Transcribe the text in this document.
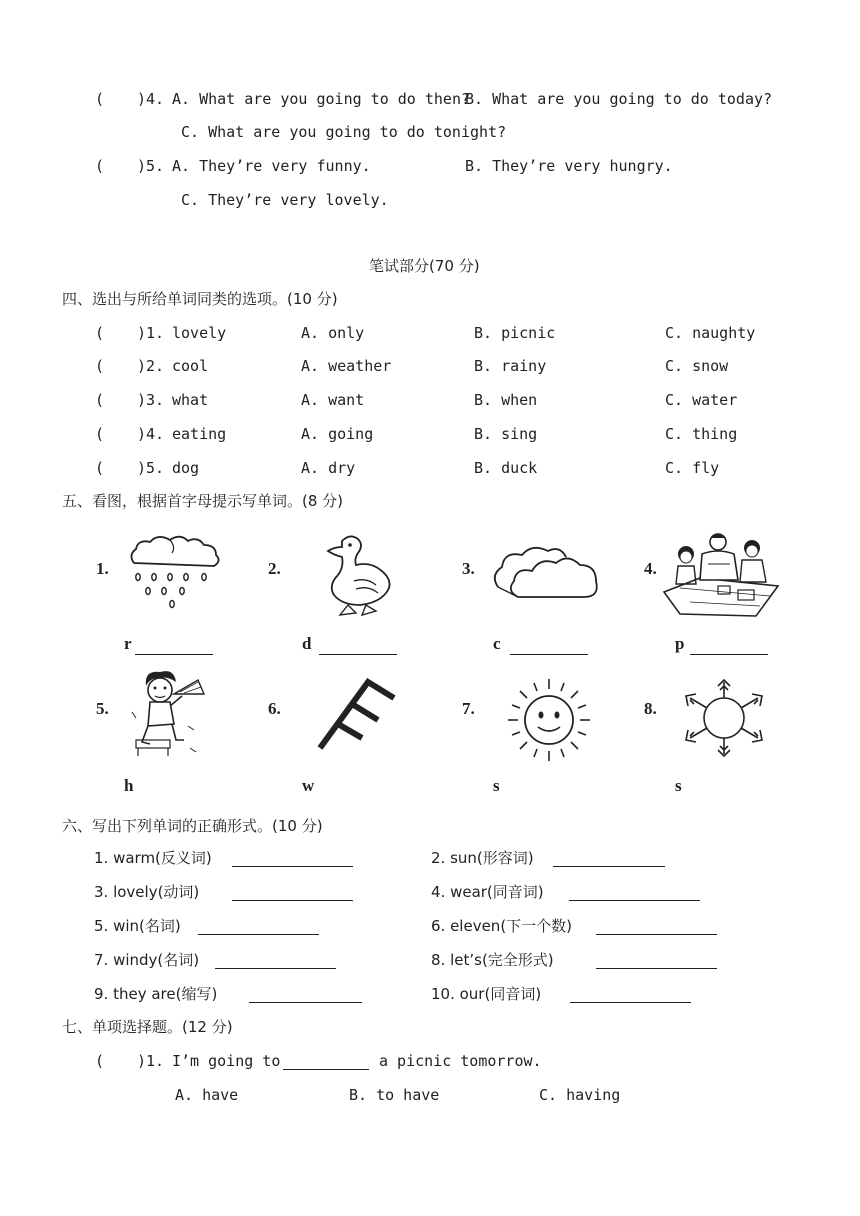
( )4. A. What are you going to do then?
B. What are you going to do today?
C. What are you going to do tonight?
( )5. A. They’re very funny.	B. They’re very hungry.
C. They’re very lovely.
笔试部分(70 分)
四、选出与所给单词同类的选项。(10 分)
( )1. lovely	A. only	B. picnic	C. naughty
( )2. cool	A. weather	B. rainy	C. snow
( )3. what	A. want	B. when	C. water
( )4. eating	A. going	B. sing	C. thing
( )5. dog	A. dry	B. duck	C. fly
五、看图，根据首字母提示写单词。(8 分)
1.
r
2.
d
3.
c
4.
p
5.
h
6.
w
7.
s
8.
s
六、写出下列单词的正确形式。(10 分)
1. warm(反义词)	2. sun(形容词)
3. lovely(动词)	4. wear(同音词)
5. win(名词)	6. eleven(下一个数)
7. windy(名词)	8. let’s(完全形式)
9. they are(缩写)	10. our(同音词)
七、单项选择题。(12 分)
( )1. I’m going to	a picnic tomorrow.
A. have	B. to have	C. having
